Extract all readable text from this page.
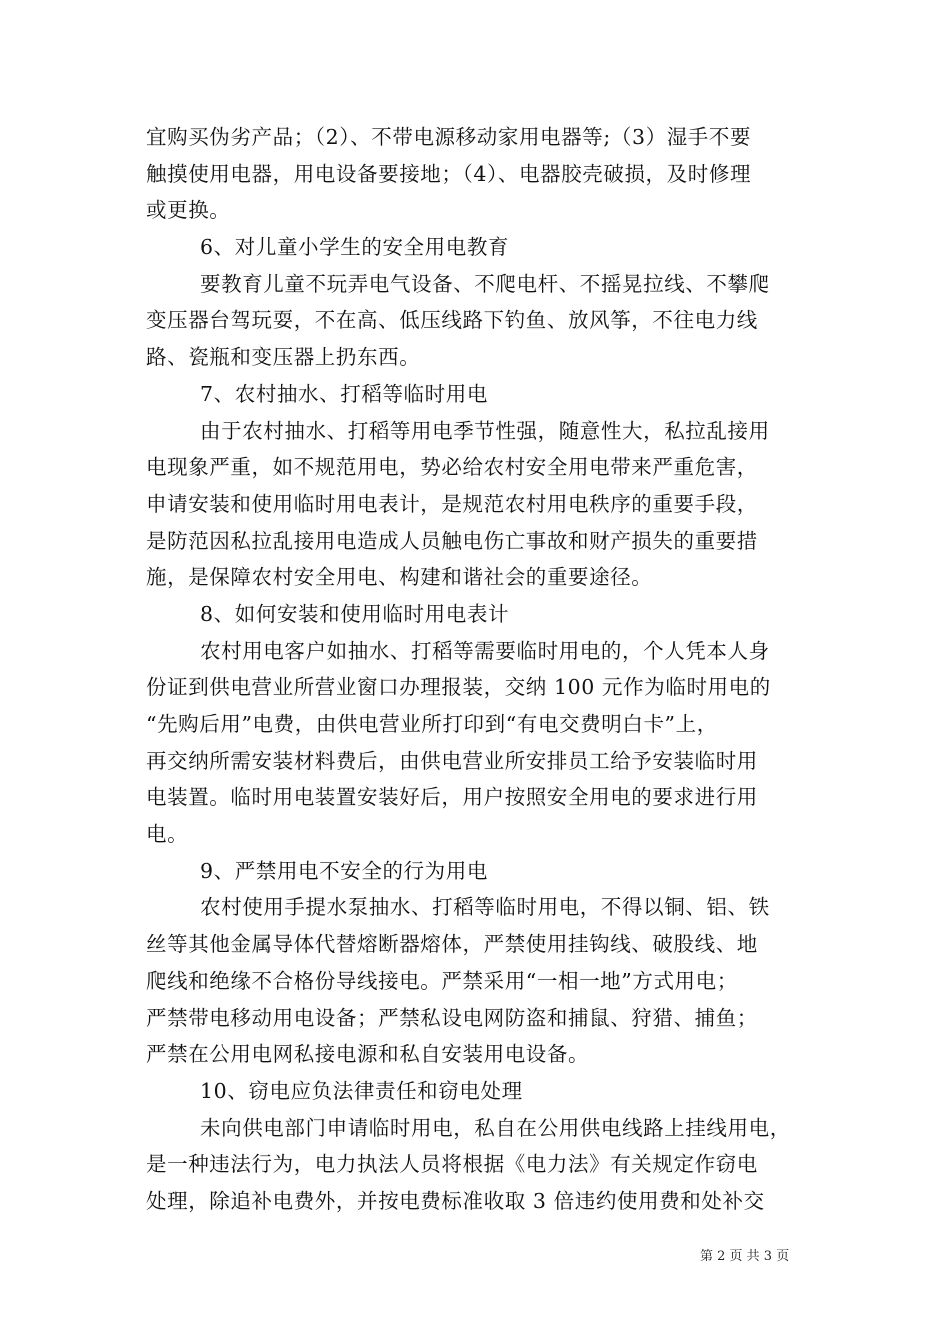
宜购买伪劣产品；（2）、不带电源移动家用电器等;（3）湿手不要
触摸使用电器，用电设备要接地；（4）、电器胶壳破损，及时修理
或更换。
6、对儿童小学生的安全用电教育
要教育儿童不玩弄电气设备、不爬电杆、不摇晃拉线、不攀爬
变压器台驾玩耍，不在高、低压线路下钓鱼、放风筝，不往电力线
路、瓷瓶和变压器上扔东西。
7、农村抽水、打稻等临时用电
由于农村抽水、打稻等用电季节性强，随意性大，私拉乱接用
电现象严重，如不规范用电，势必给农村安全用电带来严重危害，
申请安装和使用临时用电表计，是规范农村用电秩序的重要手段，
是防范因私拉乱接用电造成人员触电伤亡事故和财产损失的重要措
施，是保障农村安全用电、构建和谐社会的重要途径。
8、如何安装和使用临时用电表计
农村用电客户如抽水、打稻等需要临时用电的，个人凭本人身
份证到供电营业所营业窗口办理报装，交纳 100 元作为临时用电的
“先购后用”电费，由供电营业所打印到“有电交费明白卡”上，
再交纳所需安装材料费后，由供电营业所安排员工给予安装临时用
电装置。临时用电装置安装好后，用户按照安全用电的要求进行用
电。
9、严禁用电不安全的行为用电
农村使用手提水泵抽水、打稻等临时用电，不得以铜、铝、铁
丝等其他金属导体代替熔断器熔体，严禁使用挂钩线、破股线、地
爬线和绝缘不合格份导线接电。严禁采用“一相一地”方式用电；
严禁带电移动用电设备；严禁私设电网防盗和捕鼠、狩猎、捕鱼；
严禁在公用电网私接电源和私自安装用电设备。
10、窃电应负法律责任和窃电处理
未向供电部门申请临时用电，私自在公用供电线路上挂线用电，
是一种违法行为，电力执法人员将根据《电力法》有关规定作窃电
处理，除追补电费外，并按电费标准收取 3 倍违约使用费和处补交
第 2 页 共 3 页
